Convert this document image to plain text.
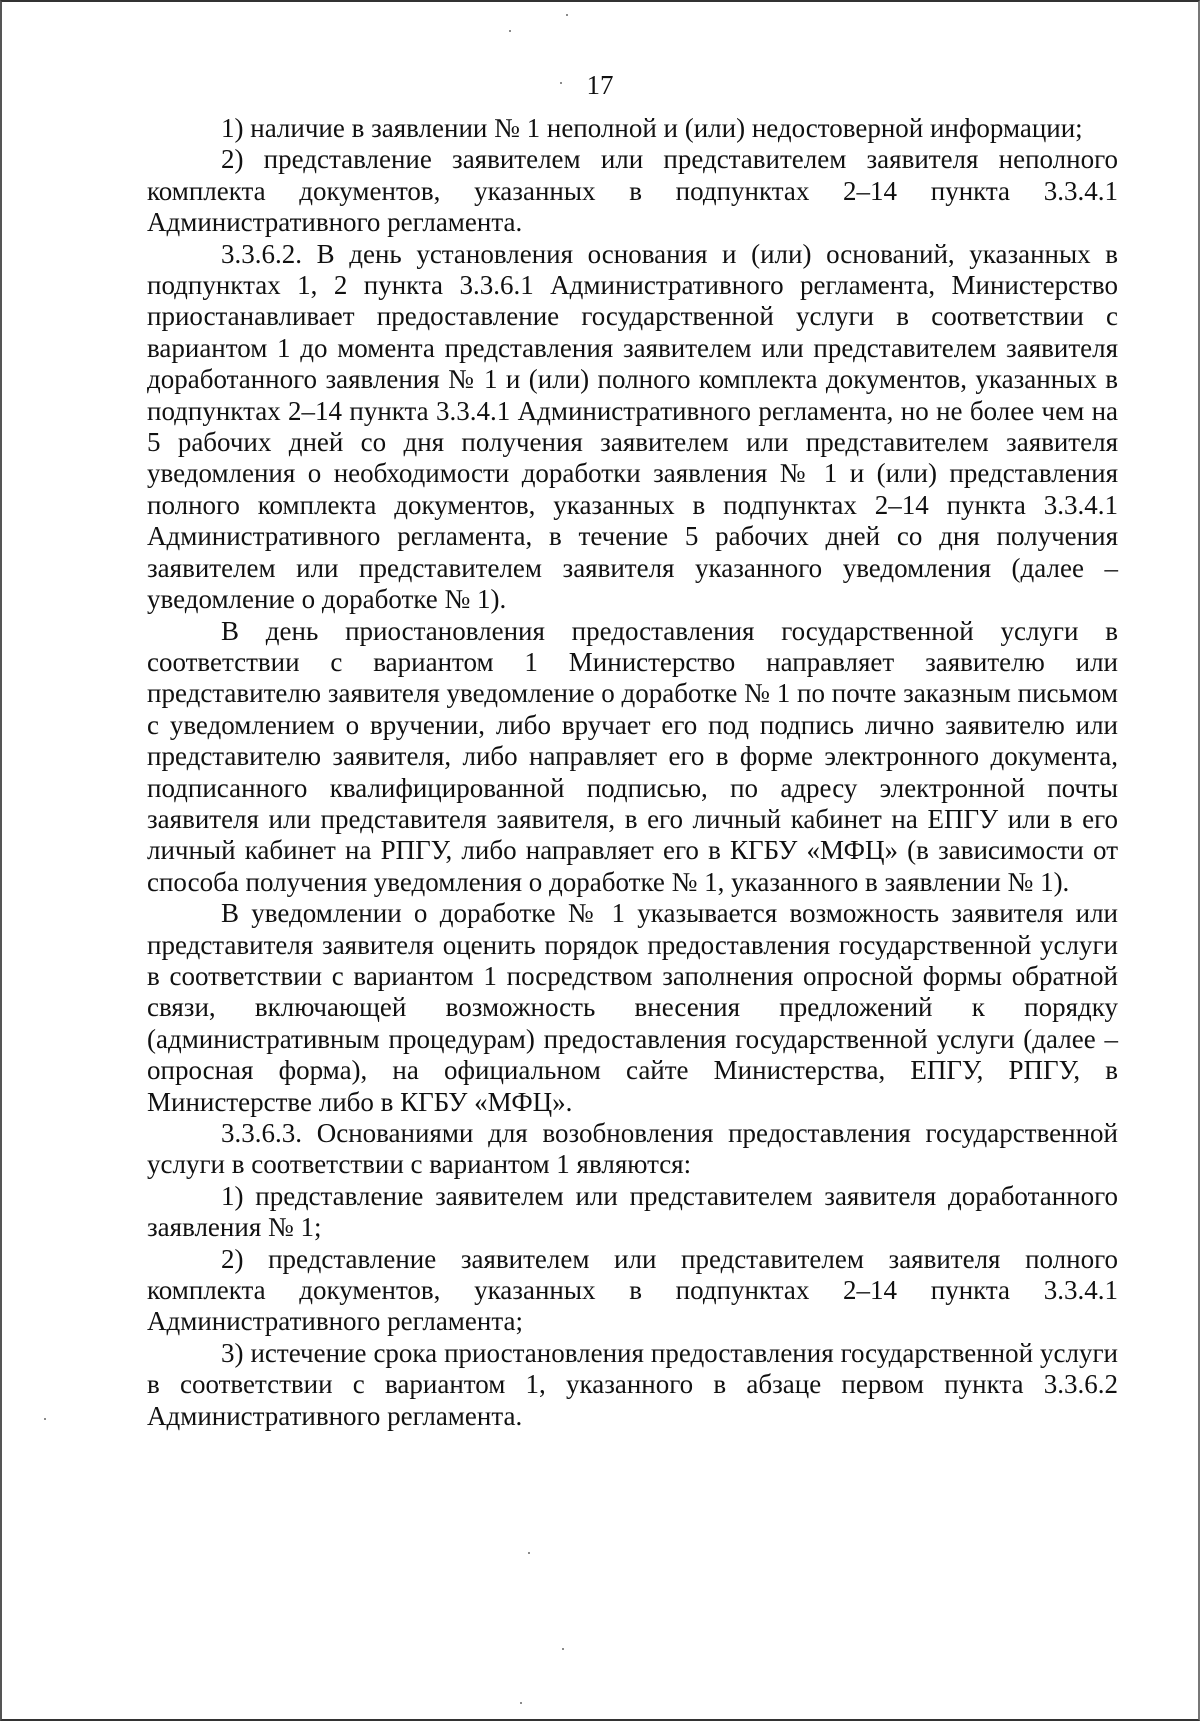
17

1) наличие в заявлении № 1 неполной и (или) недостоверной информации;

2) представление заявителем или представителем заявителя неполного комплекта документов, указанных в подпунктах 2–14 пункта 3.3.4.1 Административного регламента.

3.3.6.2. В день установления основания и (или) оснований, указанных в подпунктах 1, 2 пункта 3.3.6.1 Административного регламента, Министерство приостанавливает предоставление государственной услуги в соответствии с вариантом 1 до момента представления заявителем или представителем заявителя доработанного заявления № 1 и (или) полного комплекта документов, указанных в подпунктах 2–14 пункта 3.3.4.1 Административного регламента, но не более чем на 5 рабочих дней со дня получения заявителем или представителем заявителя уведомления о необходимости доработки заявления № 1 и (или) представления полного комплекта документов, указанных в подпунктах 2–14 пункта 3.3.4.1 Административного регламента, в течение 5 рабочих дней со дня получения заявителем или представителем заявителя указанного уведомления (далее – уведомление о доработке № 1).

В день приостановления предоставления государственной услуги в соответствии с вариантом 1 Министерство направляет заявителю или представителю заявителя уведомление о доработке № 1 по почте заказным письмом с уведомлением о вручении, либо вручает его под подпись лично заявителю или представителю заявителя, либо направляет его в форме электронного документа, подписанного квалифицированной подписью, по адресу электронной почты заявителя или представителя заявителя, в его личный кабинет на ЕПГУ или в его личный кабинет на РПГУ, либо направляет его в КГБУ «МФЦ» (в зависимости от способа получения уведомления о доработке № 1, указанного в заявлении № 1).

В уведомлении о доработке № 1 указывается возможность заявителя или представителя заявителя оценить порядок предоставления государственной услуги в соответствии с вариантом 1 посредством заполнения опросной формы обратной связи, включающей возможность внесения предложений к порядку (административным процедурам) предоставления государственной услуги (далее – опросная форма), на официальном сайте Министерства, ЕПГУ, РПГУ, в Министерстве либо в КГБУ «МФЦ».

3.3.6.3. Основаниями для возобновления предоставления государственной услуги в соответствии с вариантом 1 являются:

1) представление заявителем или представителем заявителя доработанного заявления № 1;

2) представление заявителем или представителем заявителя полного комплекта документов, указанных в подпунктах 2–14 пункта 3.3.4.1 Административного регламента;

3) истечение срока приостановления предоставления государственной услуги в соответствии с вариантом 1, указанного в абзаце первом пункта 3.3.6.2 Административного регламента.
